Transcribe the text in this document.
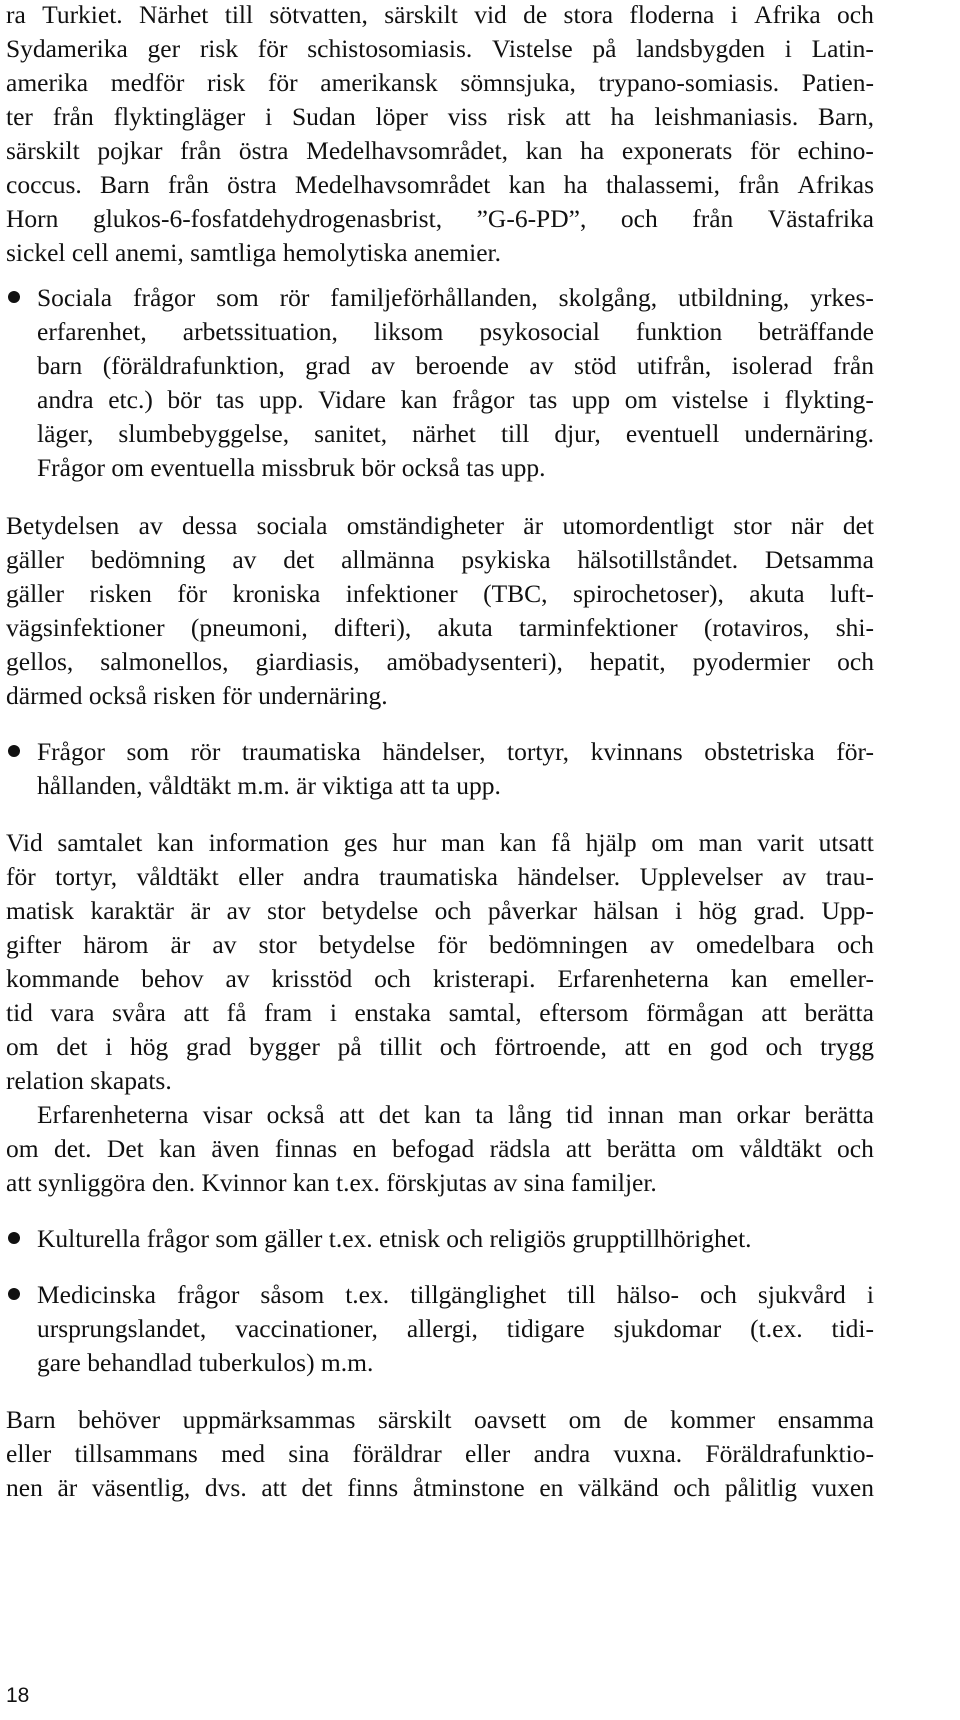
ra Turkiet. Närhet till sötvatten, särskilt vid de stora floderna i Afrika och
Sydamerika ger risk för schistosomiasis. Vistelse på landsbygden i Latin-
amerika medför risk för amerikansk sömnsjuka, trypano-somiasis. Patien-
ter från flyktingläger i Sudan löper viss risk att ha leishmaniasis. Barn,
särskilt pojkar från östra Medelhavsområdet, kan ha exponerats för echino-
coccus. Barn från östra Medelhavsområdet kan ha thalassemi, från Afrikas
Horn glukos-6-fosfatdehydrogenasbrist, ”G-6-PD”, och från Västafrika
sickel cell anemi, samtliga hemolytiska anemier.
Sociala frågor som rör familjeförhållanden, skolgång, utbildning, yrkes-
erfarenhet, arbetssituation, liksom psykosocial funktion beträffande
barn (föräldrafunktion, grad av beroende av stöd utifrån, isolerad från
andra etc.) bör tas upp. Vidare kan frågor tas upp om vistelse i flykting-
läger, slumbebyggelse, sanitet, närhet till djur, eventuell undernäring.
Frågor om eventuella missbruk bör också tas upp.
Betydelsen av dessa sociala omständigheter är utomordentligt stor när det
gäller bedömning av det allmänna psykiska hälsotillståndet. Detsamma
gäller risken för kroniska infektioner (TBC, spirochetoser), akuta luft-
vägsinfektioner (pneumoni, difteri), akuta tarminfektioner (rotaviros, shi-
gellos, salmonellos, giardiasis, amöbadysenteri), hepatit, pyodermier och
därmed också risken för undernäring.
Frågor som rör traumatiska händelser, tortyr, kvinnans obstetriska för-
hållanden, våldtäkt m.m. är viktiga att ta upp.
Vid samtalet kan information ges hur man kan få hjälp om man varit utsatt
för tortyr, våldtäkt eller andra traumatiska händelser. Upplevelser av trau-
matisk karaktär är av stor betydelse och påverkar hälsan i hög grad. Upp-
gifter härom är av stor betydelse för bedömningen av omedelbara och
kommande behov av krisstöd och kristerapi. Erfarenheterna kan emeller-
tid vara svåra att få fram i enstaka samtal, eftersom förmågan att berätta
om det i hög grad bygger på tillit och förtroende, att en god och trygg
relation skapats.
Erfarenheterna visar också att det kan ta lång tid innan man orkar berätta
om det. Det kan även finnas en befogad rädsla att berätta om våldtäkt och
att synliggöra den. Kvinnor kan t.ex. förskjutas av sina familjer.
Kulturella frågor som gäller t.ex. etnisk och religiös grupptillhörighet.
Medicinska frågor såsom t.ex. tillgänglighet till hälso- och sjukvård i
ursprungslandet, vaccinationer, allergi, tidigare sjukdomar (t.ex. tidi-
gare behandlad tuberkulos) m.m.
Barn behöver uppmärksammas särskilt oavsett om de kommer ensamma
eller tillsammans med sina föräldrar eller andra vuxna. Föräldrafunktio-
nen är väsentlig, dvs. att det finns åtminstone en välkänd och pålitlig vuxen
18
